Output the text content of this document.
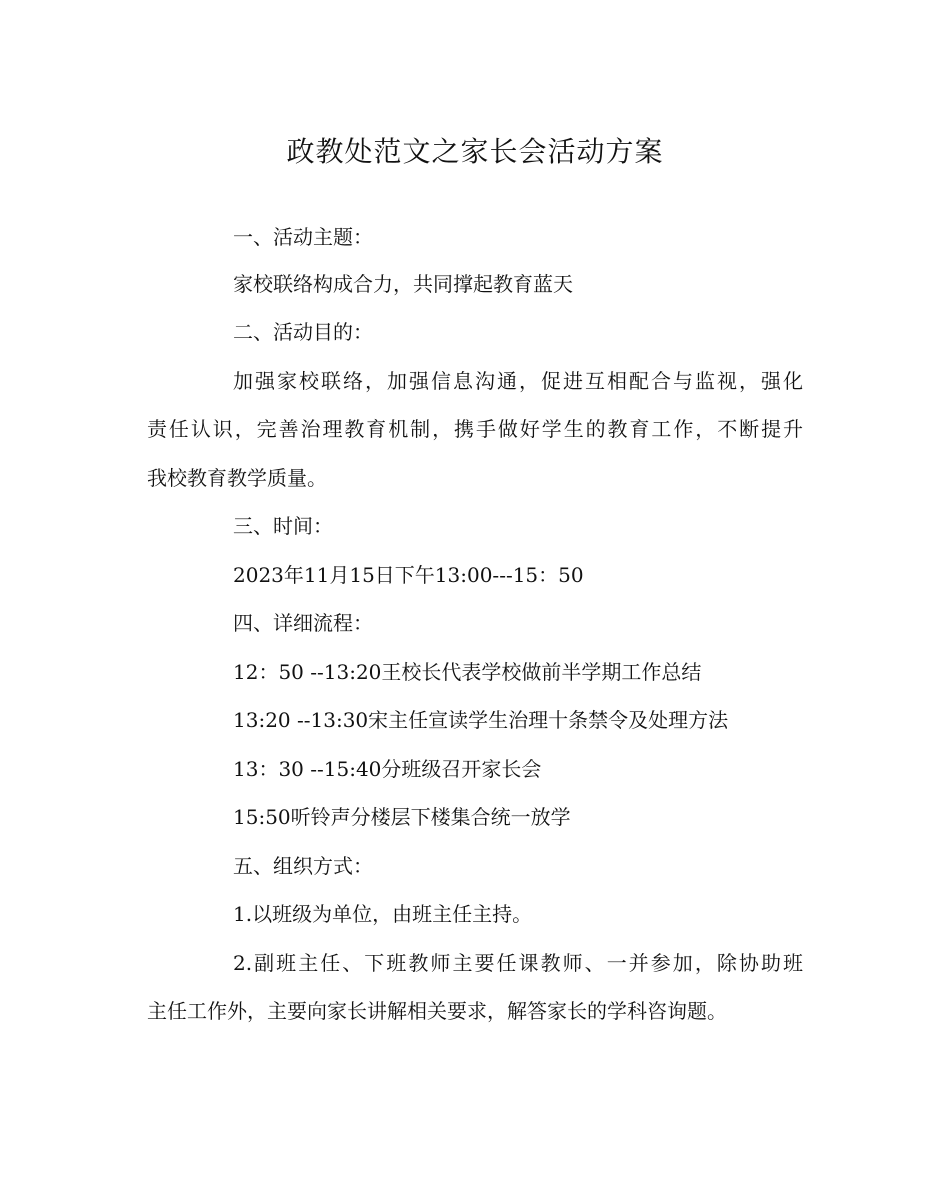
政教处范文之家长会活动方案
一、活动主题：
家校联络构成合力，共同撑起教育蓝天
二、活动目的：
加强家校联络，加强信息沟通，促进互相配合与监视，强化
责任认识，完善治理教育机制，携手做好学生的教育工作，不断提升
我校教育教学质量。
三、时间：
2023年11月15日下午13:00---15：50
四、详细流程：
12：50 --13:20王校长代表学校做前半学期工作总结
13:20 --13:30宋主任宣读学生治理十条禁令及处理方法
13：30 --15:40分班级召开家长会
15:50听铃声分楼层下楼集合统一放学
五、组织方式：
1.以班级为单位，由班主任主持。
2.副班主任、下班教师主要任课教师、一并参加，除协助班
主任工作外，主要向家长讲解相关要求，解答家长的学科咨询题。
